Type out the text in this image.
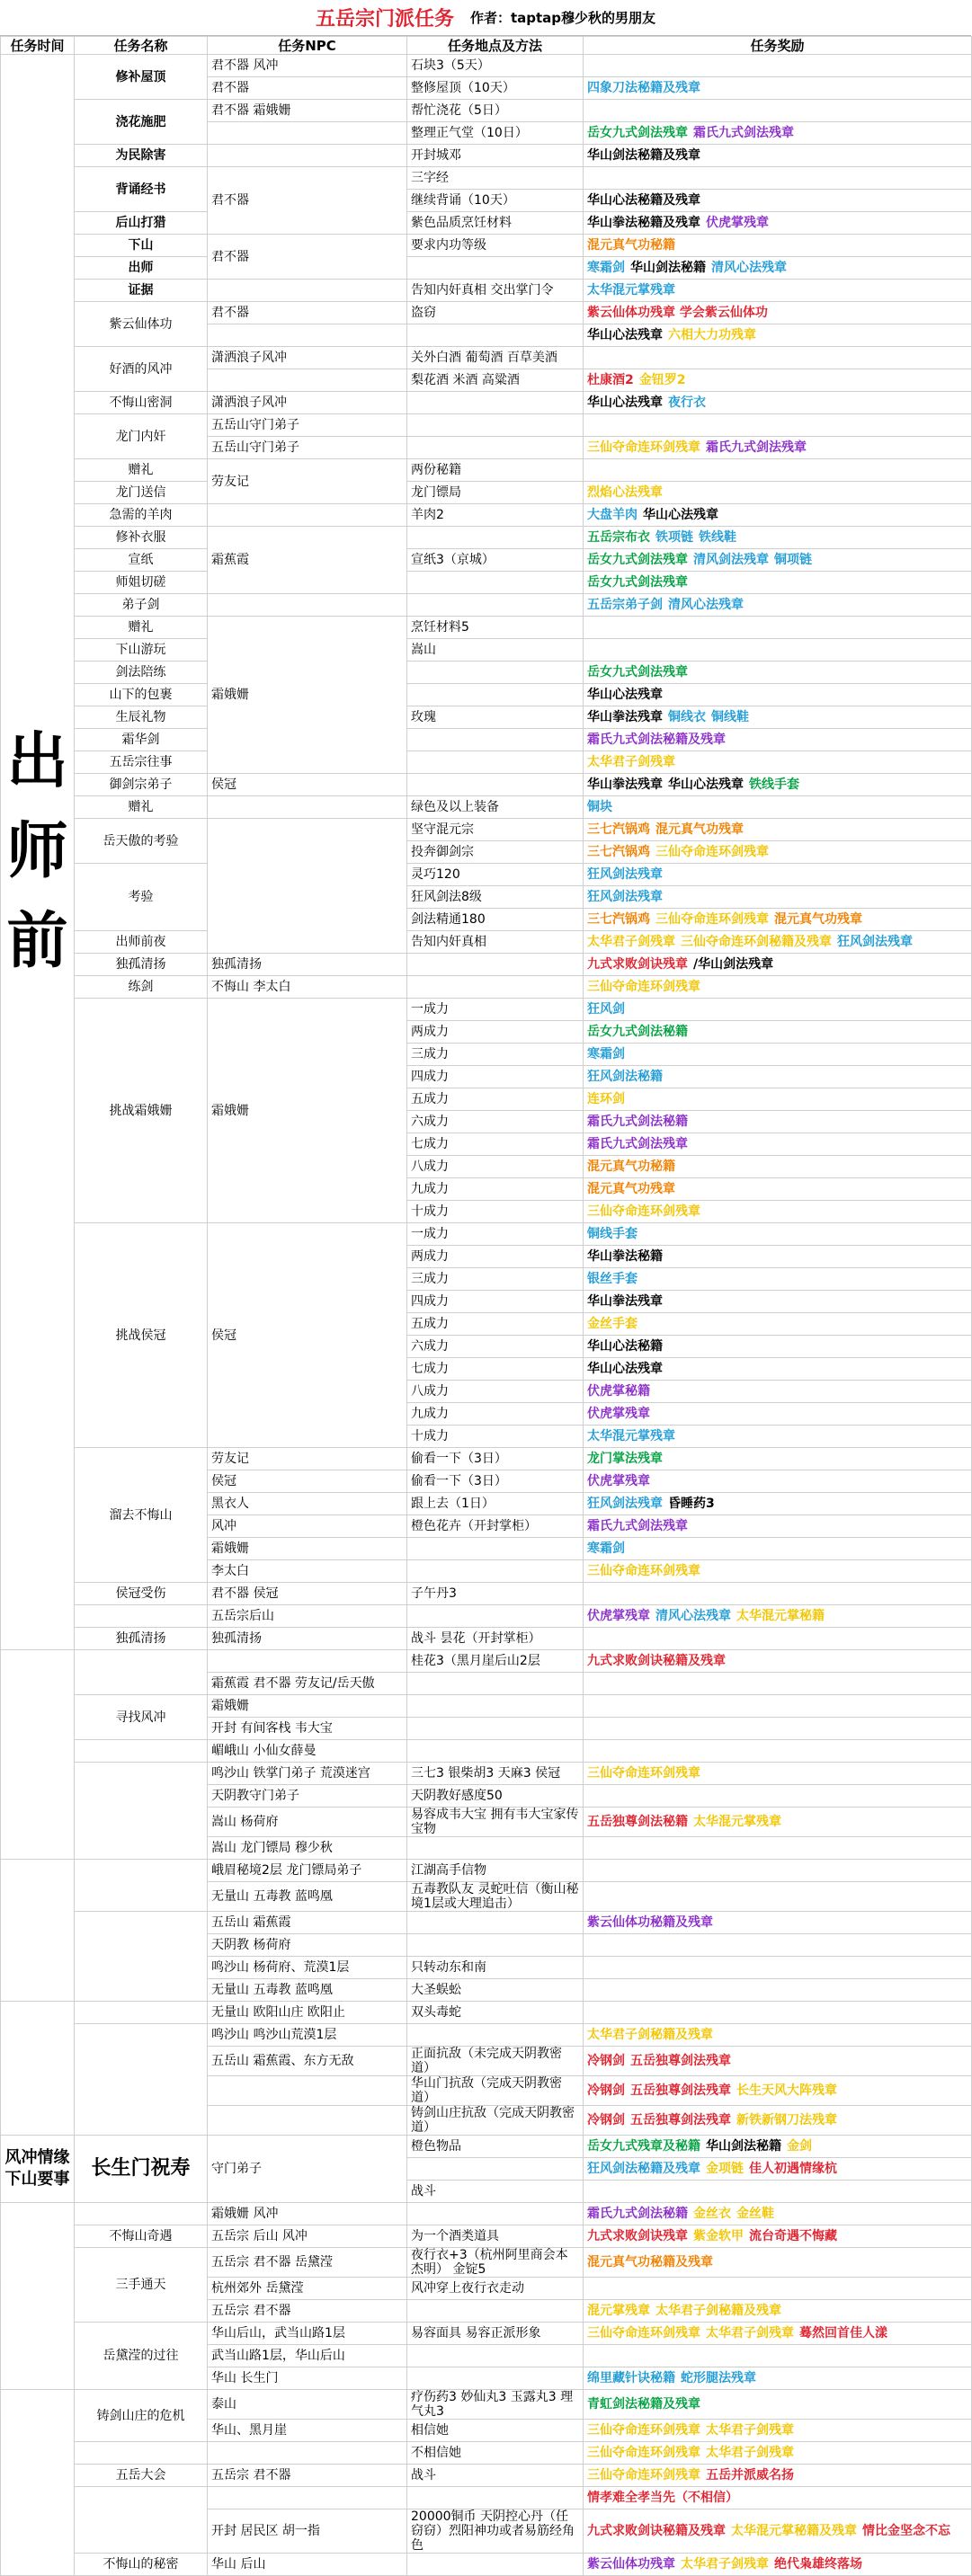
五岳宗门派任务 作者：taptap穆少秋的男朋友
任务时间	任务名称	任务NPC	任务地点及方法	任务奖励
出
师
前	修补屋顶	君不器 风冲	石块3（5天）	
		君不器	整修屋顶（10天）	四象刀法秘籍及残章
	浇花施肥	君不器 霜娥姗	帮忙浇花（5日）	
			整理正气堂（10日）	岳女九式剑法残章 霜氏九式剑法残章
	为民除害		开封城邓	华山剑法秘籍及残章
	背诵经书	君不器	三字经	
			继续背诵（10天）	华山心法秘籍及残章
	后山打猎		紫色品质烹饪材料	华山拳法秘籍及残章 伏虎掌残章
	下山	君不器	要求内功等级	混元真气功秘籍
	出师			寒霜剑 华山剑法秘籍 清风心法残章
	证据		告知内奸真相 交出掌门令	太华混元掌残章
	紫云仙体功	君不器	盗窃	紫云仙体功残章 学会紫云仙体功
				华山心法残章 六相大力功残章
	好酒的风冲	潇洒浪子风冲	关外白酒 葡萄酒 百草美酒	
			梨花酒 米酒 高粱酒	杜康酒2 金钮罗2
	不悔山密洞	潇洒浪子风冲		华山心法残章 夜行衣
	龙门内奸	五岳山守门弟子		
		五岳山守门弟子		三仙夺命连环剑残章 霜氏九式剑法残章
	赠礼	劳友记	两份秘籍	
	龙门送信		龙门镖局	烈焰心法残章
	急需的羊肉		羊肉2	大盘羊肉 华山心法残章
	修补衣服	霜蕉霞		五岳宗布衣 铁项链 铁线鞋
	宣纸		宣纸3（京城）	岳女九式剑法残章 清风剑法残章 铜项链
	师姐切磋			岳女九式剑法残章
	弟子剑			五岳宗弟子剑 清风心法残章
	赠礼	霜娥姗	烹饪材料5	
	下山游玩		嵩山	
	剑法陪练			岳女九式剑法残章
	山下的包裹			华山心法残章
	生辰礼物		玫瑰	华山拳法残章 铜线衣 铜线鞋
	霜华剑			霜氏九式剑法秘籍及残章
	五岳宗往事			太华君子剑残章
	御剑宗弟子	侯冠		华山拳法残章 华山心法残章 铁线手套
	赠礼		绿色及以上装备	铜块
	岳天傲的考验		坚守混元宗	三七汽锅鸡 混元真气功残章
			投奔御剑宗	三七汽锅鸡 三仙夺命连环剑残章
	考验		灵巧120	狂风剑法残章
			狂风剑法8级	狂风剑法残章
			剑法精通180	三七汽锅鸡 三仙夺命连环剑残章 混元真气功残章
	出师前夜		告知内奸真相	太华君子剑残章 三仙夺命连环剑秘籍及残章 狂风剑法残章
	独孤清扬	独孤清扬		九式求败剑诀残章 /华山剑法残章
	练剑	不悔山 李太白		三仙夺命连环剑残章
	挑战霜娥姗	霜娥姗	一成力	狂风剑
			两成力	岳女九式剑法秘籍
			三成力	寒霜剑
			四成力	狂风剑法秘籍
			五成力	连环剑
			六成力	霜氏九式剑法秘籍
			七成力	霜氏九式剑法残章
			八成力	混元真气功秘籍
			九成力	混元真气功残章
			十成力	三仙夺命连环剑残章
	挑战侯冠	侯冠	一成力	铜线手套
			两成力	华山拳法秘籍
			三成力	银丝手套
			四成力	华山拳法残章
			五成力	金丝手套
			六成力	华山心法秘籍
			七成力	华山心法残章
			八成力	伏虎掌秘籍
			九成力	伏虎掌残章
			十成力	太华混元掌残章
	溜去不悔山	劳友记	偷看一下（3日）	龙门掌法残章
		侯冠	偷看一下（3日）	伏虎掌残章
		黑衣人	跟上去（1日）	狂风剑法残章 昏睡药3
		风冲	橙色花卉（开封掌柜）	霜氏九式剑法残章
		霜娥姗		寒霜剑
		李太白		三仙夺命连环剑残章
	侯冠受伤	君不器 侯冠	子午丹3	
		五岳宗后山		伏虎掌残章 清风心法残章 太华混元掌秘籍
	独孤清扬	独孤清扬	战斗 昙花（开封掌柜）	
			桂花3（黑月崖后山2层	九式求败剑诀秘籍及残章
		霜蕉霞 君不器 劳友记/岳天傲		
	寻找风冲	霜娥姗		
		开封 有间客栈 韦大宝		
		嵋峨山 小仙女薛曼		
		鸣沙山 铁掌门弟子 荒漠迷宫	三七3 银柴胡3 天麻3 侯冠	三仙夺命连环剑残章
		天阴教守门弟子	天阴教好感度50	
		嵩山 杨荷府	易容成韦大宝 拥有韦大宝家传宝物	五岳独尊剑法秘籍 太华混元掌残章
		嵩山 龙门镖局 穆少秋		
		峨眉秘境2层 龙门镖局弟子	江湖高手信物	
		无量山 五毒教 蓝鸣凰	五毒教队友 灵蛇吐信（衡山秘境1层或大理追击）	
		五岳山 霜蕉霞		紫云仙体功秘籍及残章
		天阴教 杨荷府		
		鸣沙山 杨荷府、荒漠1层	只转动东和南	
		无量山 五毒教 蓝鸣凰	大圣蜈蚣	
		无量山 欧阳山庄 欧阳止	双头毒蛇	
		鸣沙山 鸣沙山荒漠1层		太华君子剑秘籍及残章
		五岳山 霜蕉霞、东方无敌	正面抗敌（未完成天阴教密道）	冷钢剑 五岳独尊剑法残章
			华山门抗敌（完成天阴教密道）	冷钢剑 五岳独尊剑法残章 长生天风大阵残章
			铸剑山庄抗敌（完成天阴教密道）	冷钢剑 五岳独尊剑法残章 新铁新钢刀法残章
风冲情缘 下山要事	长生门祝寿	守门弟子	橙色物品	岳女九式残章及秘籍 华山剑法秘籍 金剑
				狂风剑法秘籍及残章 金项链 佳人初遇情缘杭
			战斗	
		霜娥姗 风冲		霜氏九式剑法秘籍 金丝衣 金丝鞋
	不悔山奇遇	五岳宗 后山 风冲	为一个酒类道具	九式求败剑诀残章 紫金软甲 流台奇遇不悔藏
	三手通天	五岳宗 君不器 岳黛滢	夜行衣+3（杭州阿里商会本杰明） 金锭5	混元真气功秘籍及残章
		杭州郊外 岳黛滢	风冲穿上夜行衣走动	
		五岳宗 君不器		混元掌残章 太华君子剑秘籍及残章
	岳黛滢的过往	华山后山，武当山路1层	易容面具 易容正派形象	三仙夺命连环剑残章 太华君子剑残章 蓦然回首佳人漾
		武当山路1层，华山后山		
		华山 长生门		绵里藏针诀秘籍 蛇形腿法残章
	铸剑山庄的危机	泰山	疗伤药3 妙仙丸3 玉露丸3 理气丸3	青虹剑法秘籍及残章
		华山、黑月崖	相信她	三仙夺命连环剑残章 太华君子剑残章
			不相信她	三仙夺命连环剑残章 太华君子剑残章
	五岳大会	五岳宗 君不器	战斗	三仙夺命连环剑残章 五岳并派威名扬
				情孝难全孝当先（不相信）
		开封 居民区 胡一指	20000铜币 天阴控心丹（任窃窃）烈阳神功或者易筋经角色	九式求败剑诀秘籍及残章 太华混元掌秘籍及残章 情比金坚念不忘
	不悔山的秘密	华山 后山		紫云仙体功残章 太华君子剑残章 绝代枭雄终落场
